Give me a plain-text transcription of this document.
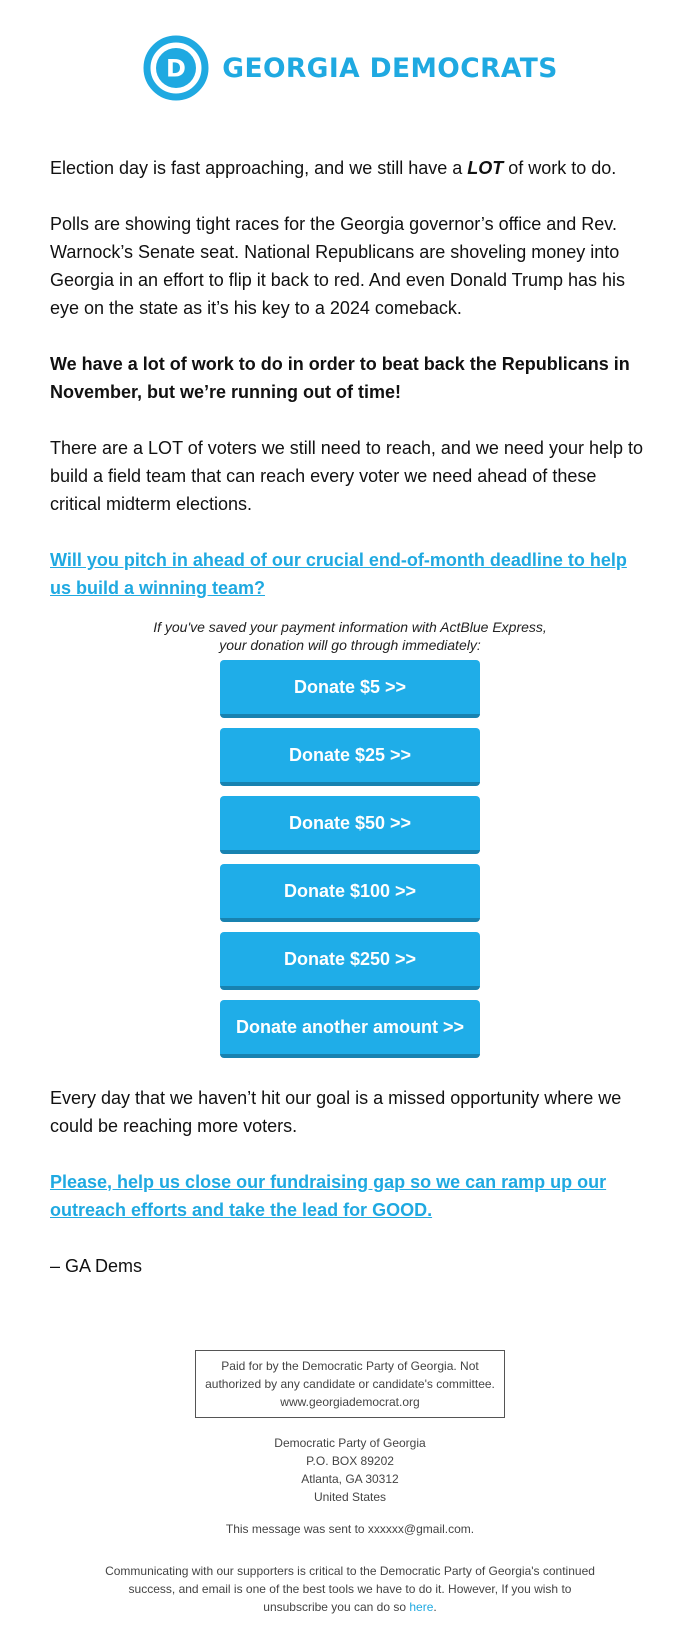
D GEORGIA DEMOCRATS

Election day is fast approaching, and we still have a LOT of work to do.

Polls are showing tight races for the Georgia governor’s office and Rev. Warnock’s Senate seat. National Republicans are shoveling money into Georgia in an effort to flip it back to red. And even Donald Trump has his eye on the state as it’s his key to a 2024 comeback.

We have a lot of work to do in order to beat back the Republicans in November, but we’re running out of time!

There are a LOT of voters we still need to reach, and we need your help to build a field team that can reach every voter we need ahead of these critical midterm elections.

Will you pitch in ahead of our crucial end-of-month deadline to help us build a winning team?

If you've saved your payment information with ActBlue Express,
your donation will go through immediately:
Donate $5 >>
Donate $25 >>
Donate $50 >>
Donate $100 >>
Donate $250 >>
Donate another amount >>

Every day that we haven’t hit our goal is a missed opportunity where we could be reaching more voters.

Please, help us close our fundraising gap so we can ramp up our outreach efforts and take the lead for GOOD.

– GA Dems

Paid for by the Democratic Party of Georgia. Not authorized by any candidate or candidate's committee. www.georgiademocrat.org
Democratic Party of Georgia
P.O. BOX 89202
Atlanta, GA 30312
United States
This message was sent to xxxxxx@gmail.com.
Communicating with our supporters is critical to the Democratic Party of Georgia's continued success, and email is one of the best tools we have to do it. However, If you wish to unsubscribe you can do so here.
